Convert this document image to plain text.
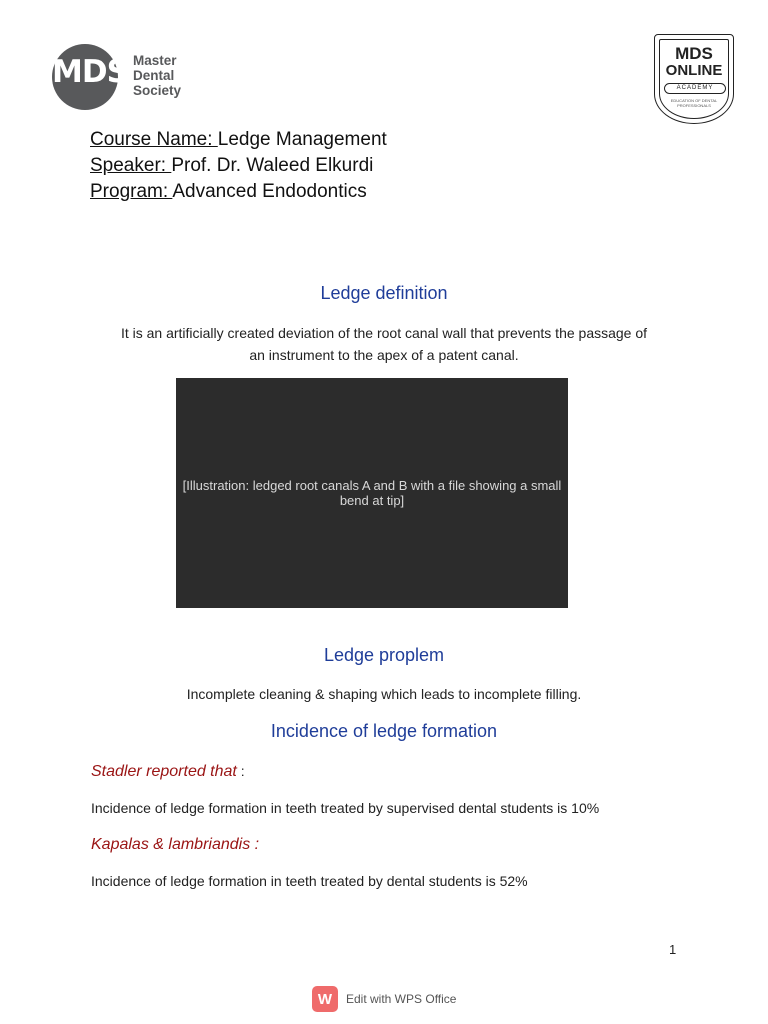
MDS Master
Dental
Society
MDS
ONLINE
ACADEMY
EDUCATION OF DENTAL PROFESSIONALS
Course Name: Ledge Management
Speaker: Prof. Dr. Waleed Elkurdi
Program: Advanced Endodontics
Ledge definition
It is an artificially created deviation of the root canal wall that prevents the passage of
an instrument to the apex of a patent canal.
[Illustration: ledged root canals A and B with a file showing a small bend at tip]
Ledge proplem
Incomplete cleaning & shaping which leads to incomplete filling.
Incidence of ledge formation
Stadler reported that :
Incidence of ledge formation in teeth treated by supervised dental students is 10%
Kapalas & lambriandis :
Incidence of ledge formation in teeth treated by dental students is 52%
1
W	Edit with WPS Office
